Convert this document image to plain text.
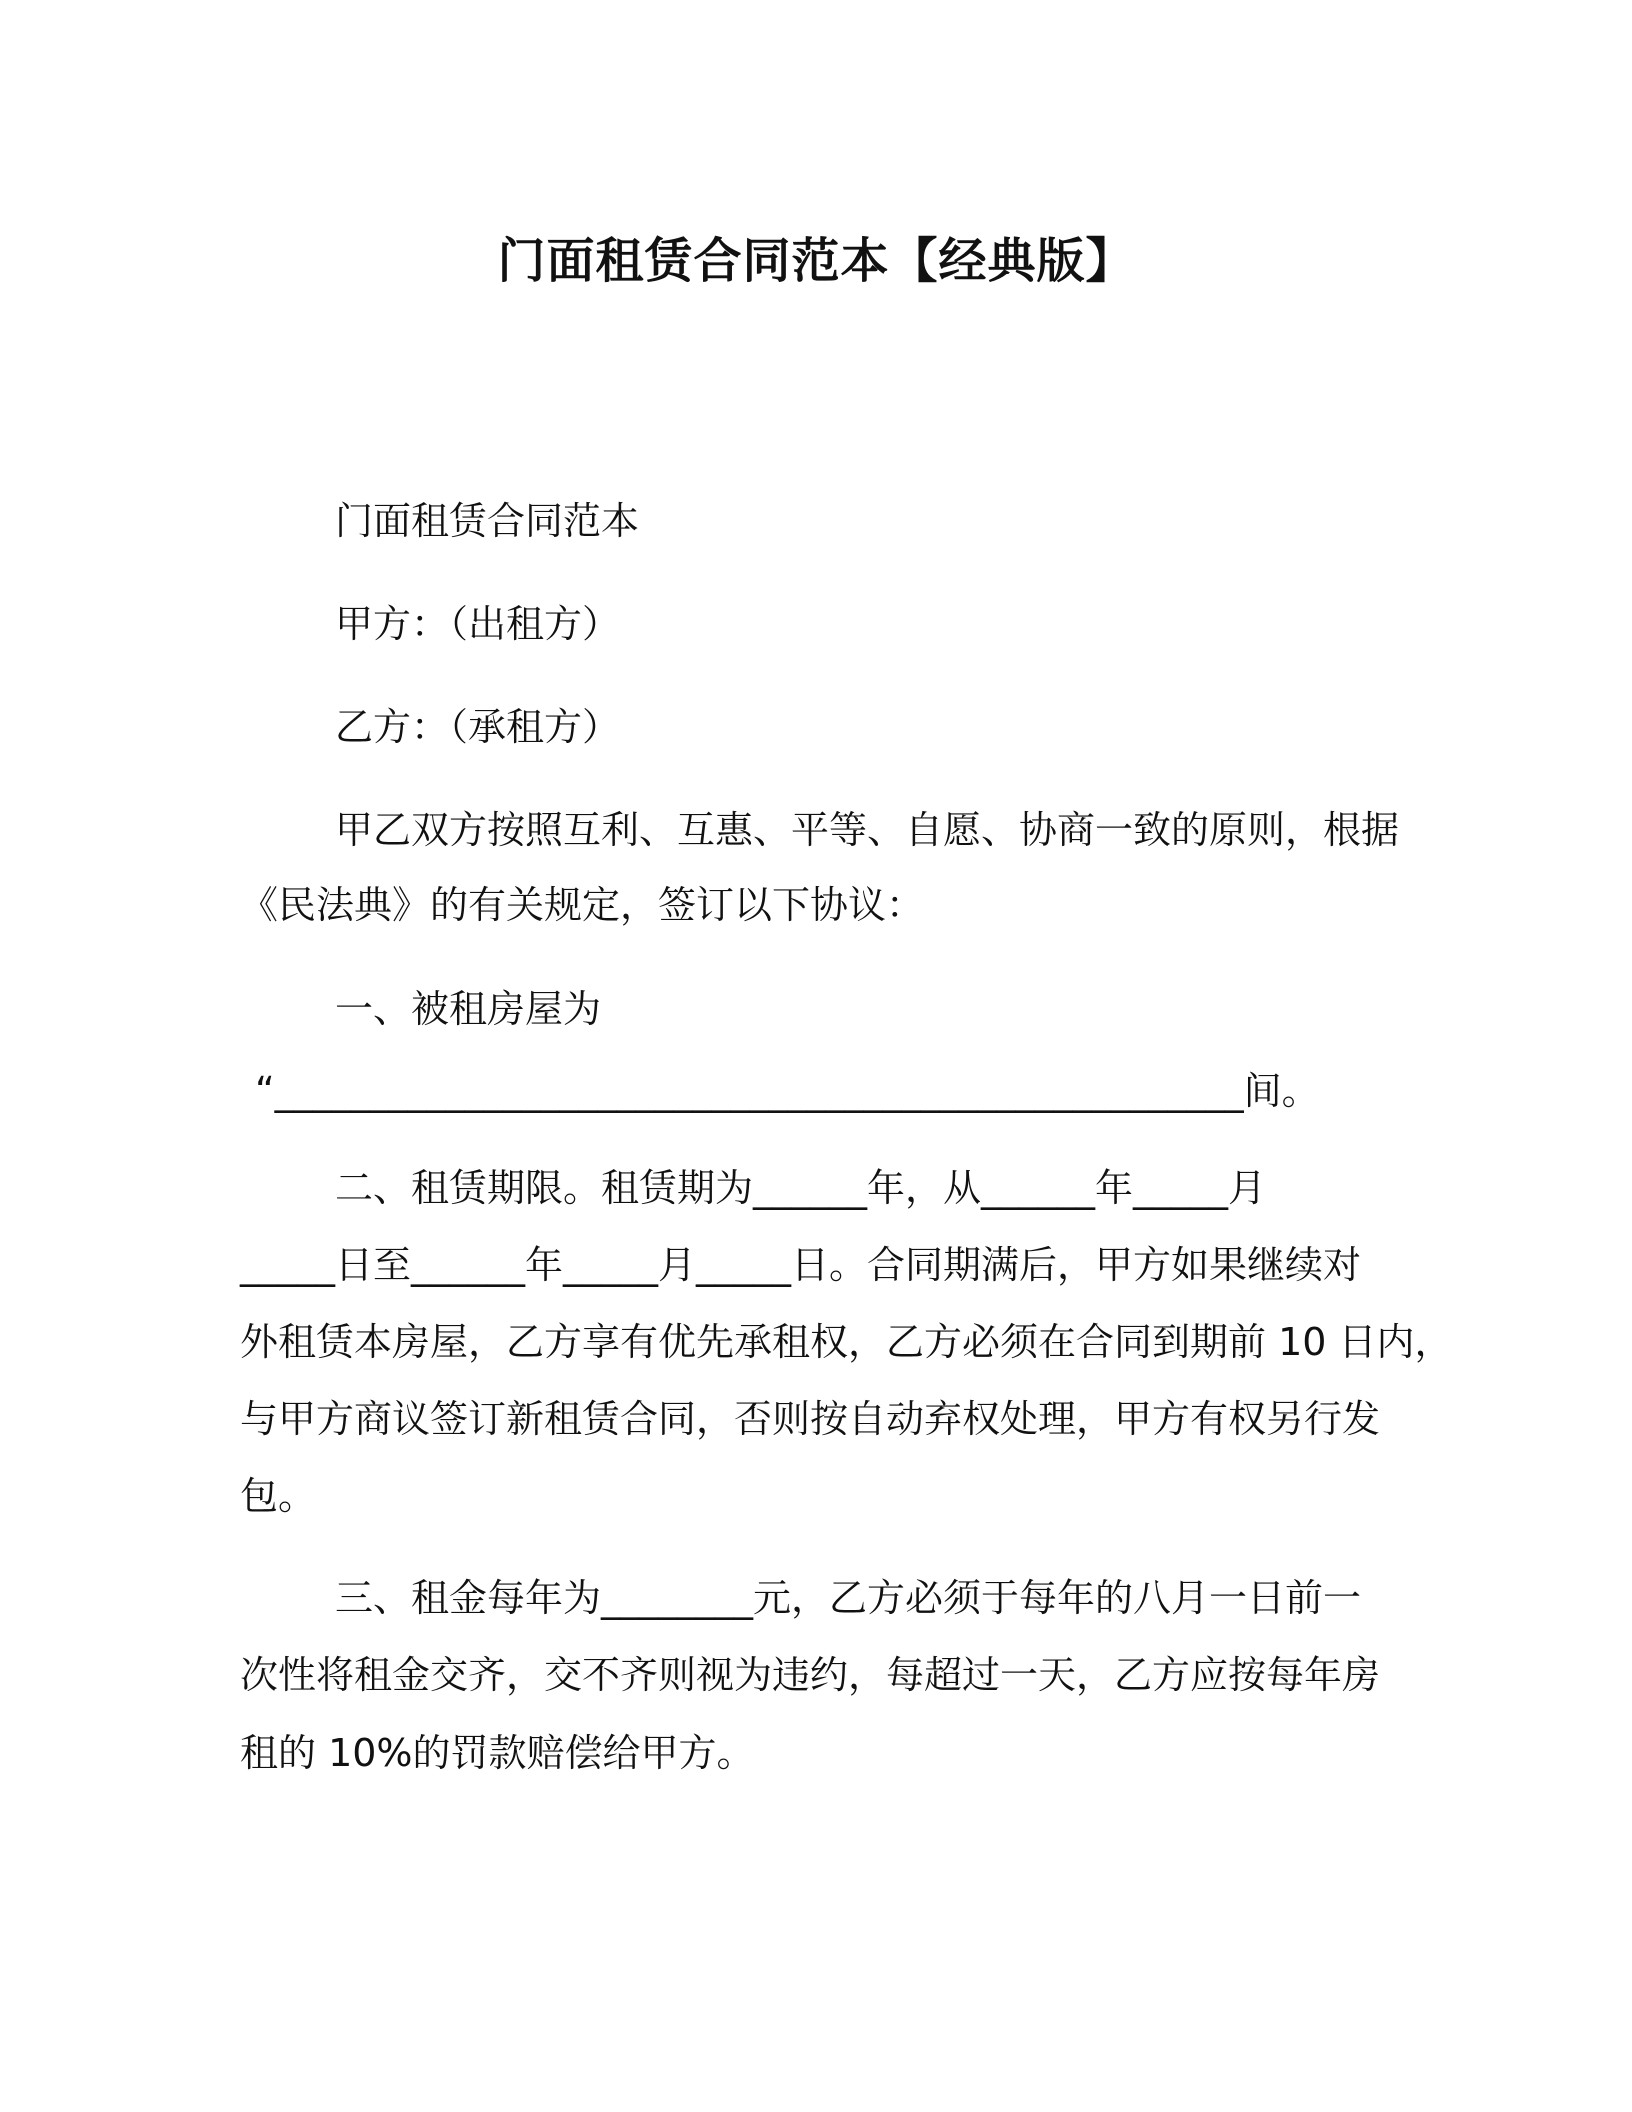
门面租赁合同范本【经典版】
门面租赁合同范本
甲方：（出租方）
乙方：（承租方）
甲乙双方按照互利、互惠、平等、自愿、协商一致的原则，根据
《民法典》的有关规定，签订以下协议：
一、被租房屋为
“___________________________________________________间。
二、租赁期限。租赁期为______年，从______年_____月
_____日至______年_____月_____日。合同期满后，甲方如果继续对
外租赁本房屋，乙方享有优先承租权，乙方必须在合同到期前 10 日内，
与甲方商议签订新租赁合同，否则按自动弃权处理，甲方有权另行发
包。
三、租金每年为________元，乙方必须于每年的八月一日前一
次性将租金交齐，交不齐则视为违约，每超过一天，乙方应按每年房
租的 10%的罚款赔偿给甲方。
